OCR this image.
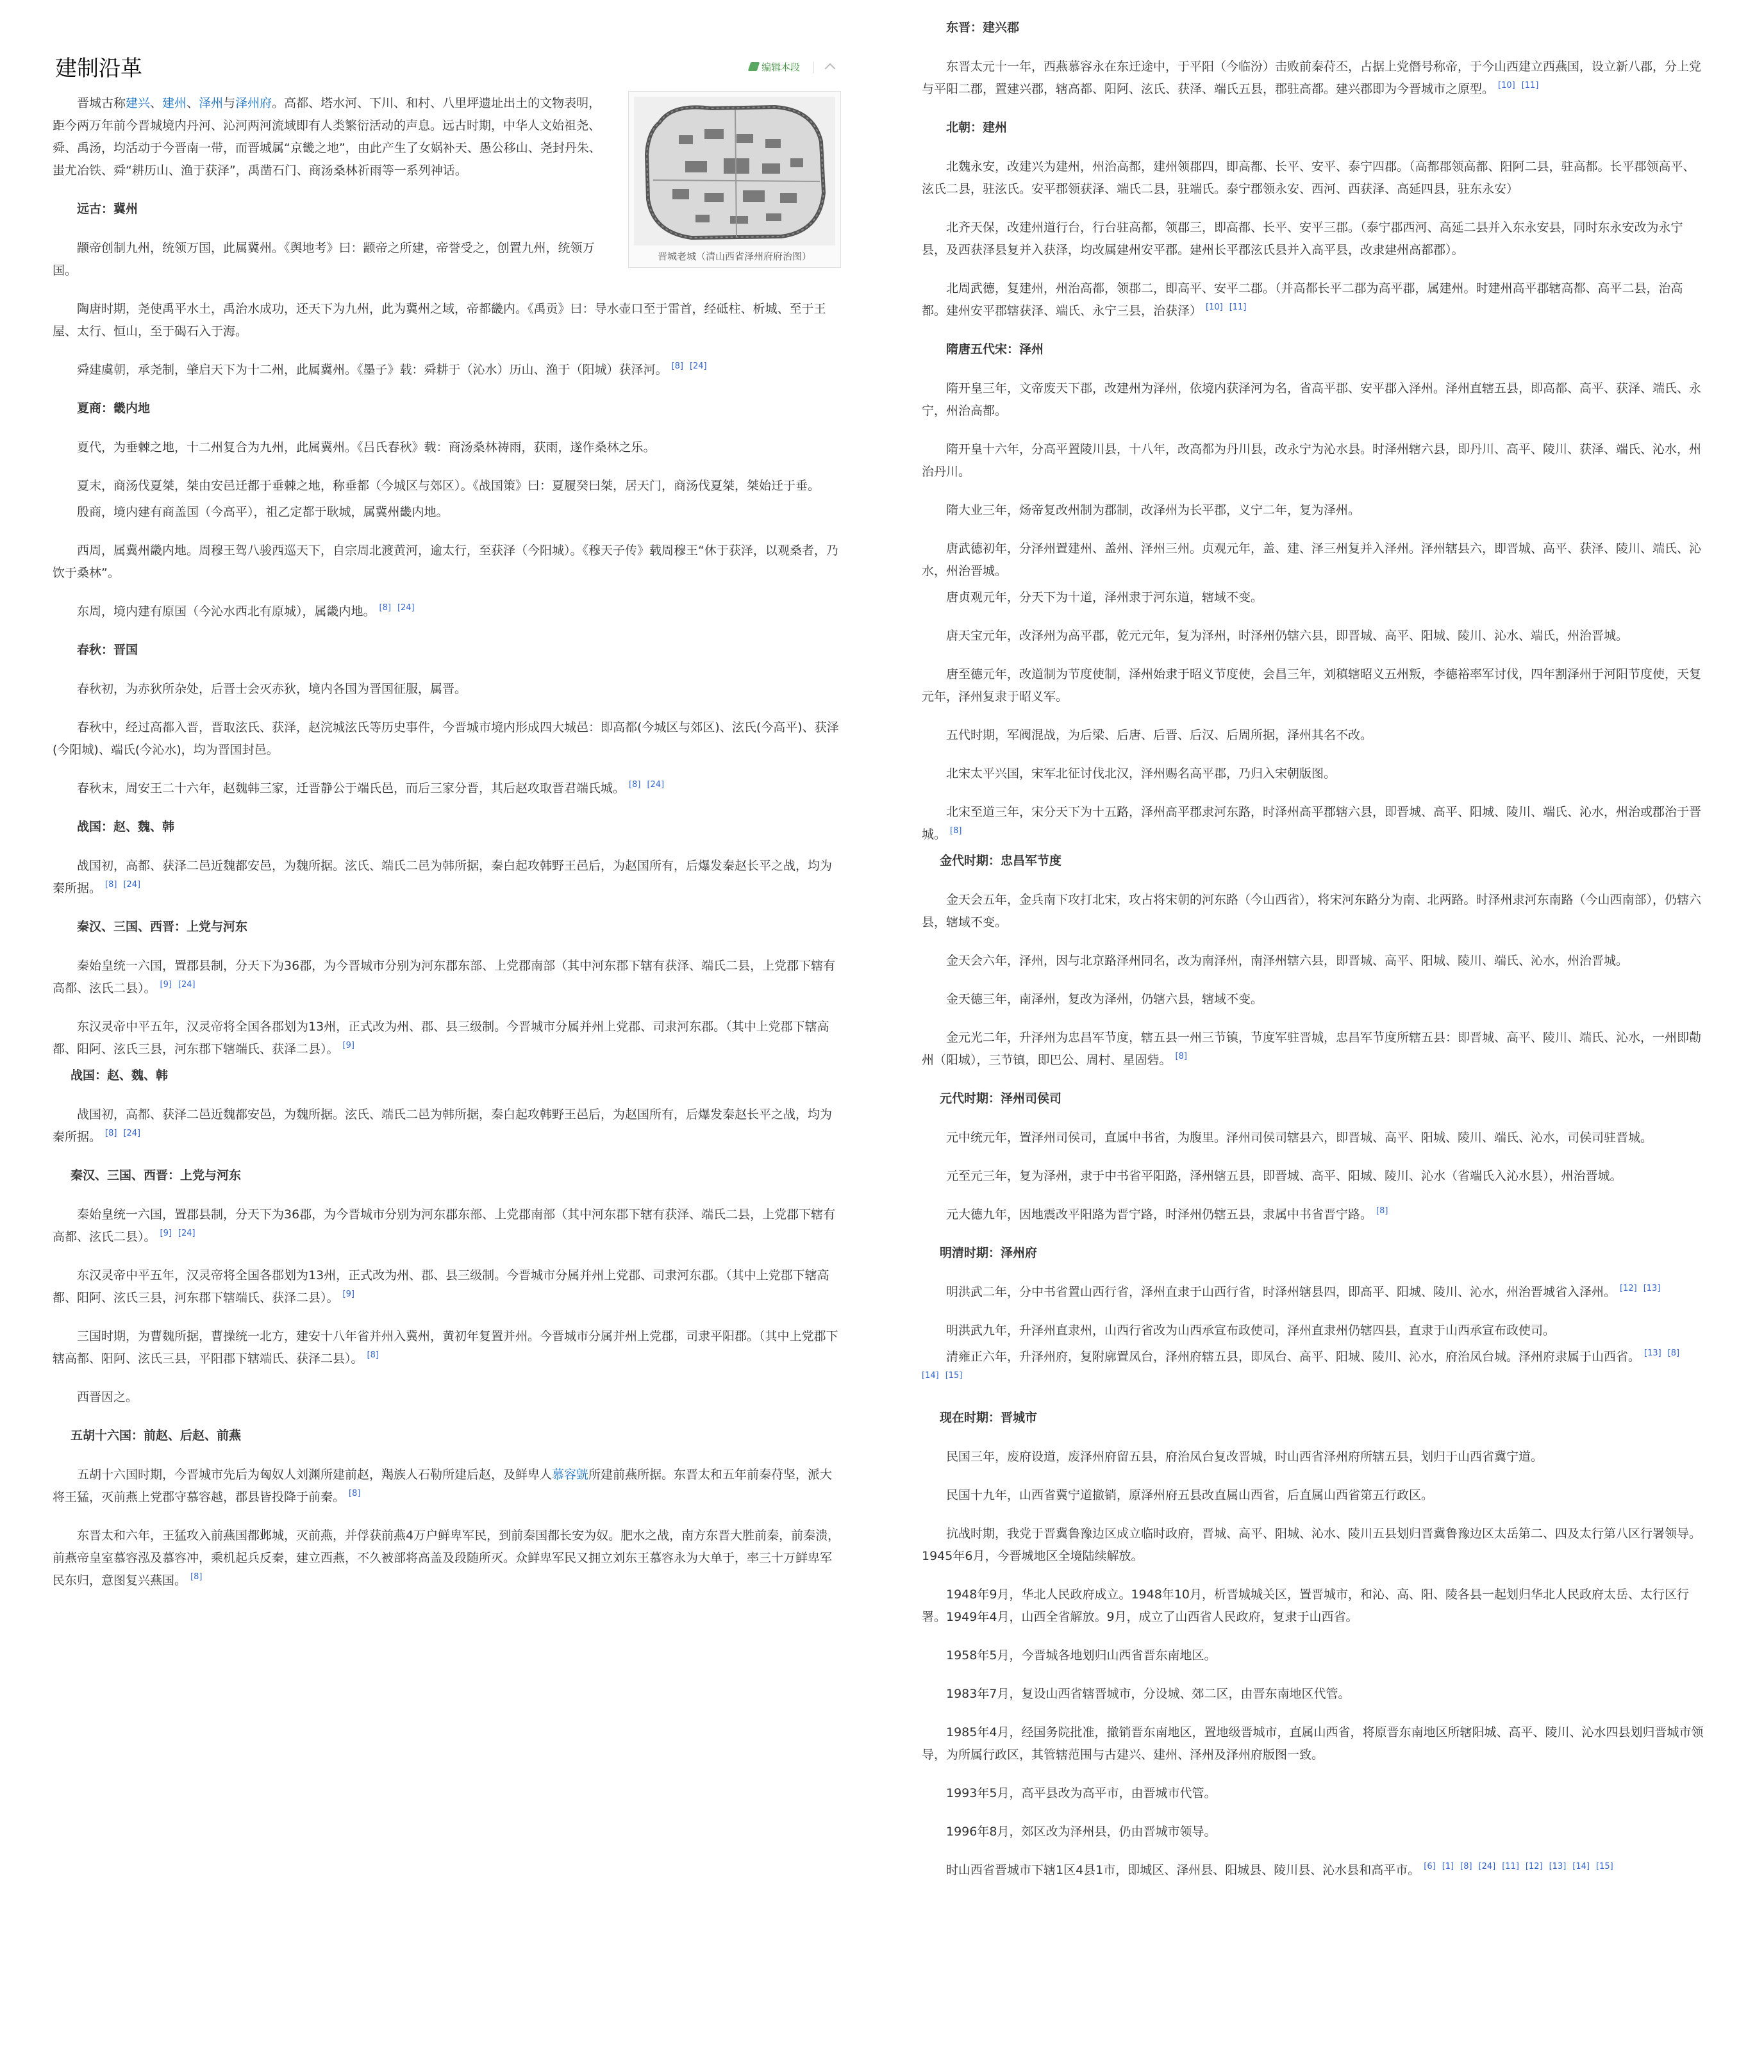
建制沿革	编辑本段
晋城老城（清山西省泽州府府治图）

晋城古称建兴、建州、泽州与泽州府。高都、塔水河、下川、和村、八里坪遗址出土的文物表明，距今两万年前今晋城境内丹河、沁河两河流域即有人类繁衍活动的声息。远古时期，中华人文始祖尧、舜、禹汤，均活动于今晋南一带，而晋城属“京畿之地”，由此产生了女娲补天、愚公移山、尧封丹朱、蚩尤冶铁、舜“耕历山、渔于获泽”，禹凿石门、商汤桑林祈雨等一系列神话。

远古：冀州

颛帝创制九州，统领万国，此属冀州。《舆地考》曰：颛帝之所建，帝誉受之，创置九州，统领万国。

陶唐时期，尧使禹平水土，禹治水成功，还天下为九州，此为冀州之域，帝都畿内。《禹贡》曰：导水壶口至于雷首，经砥柱、析城、至于王屋、太行、恒山，至于碣石入于海。

舜建虞朝，承尧制，肇启天下为十二州，此属冀州。《墨子》载：舜耕于（沁水）历山、渔于（阳城）获泽河。 [8] [24]

夏商：畿内地

夏代，为垂棘之地，十二州复合为九州，此属冀州。《吕氏春秋》载：商汤桑林祷雨，获雨，遂作桑林之乐。

夏末，商汤伐夏桀，桀由安邑迁都于垂棘之地，称垂都（今城区与郊区）。《战国策》曰：夏履癸曰桀，居天门，商汤伐夏桀，桀始迁于垂。

殷商，境内建有商盖国（今高平），祖乙定都于耿城，属冀州畿内地。

西周，属冀州畿内地。周穆王驾八骏西巡天下，自宗周北渡黄河，逾太行，至获泽（今阳城）。《穆天子传》载周穆王“休于获泽，以观桑者，乃饮于桑林”。

东周，境内建有原国（今沁水西北有原城），属畿内地。 [8] [24]

春秋：晋国

春秋初，为赤狄所杂处，后晋士会灭赤狄，境内各国为晋国征服，属晋。

春秋中，经过高都入晋，晋取泫氏、获泽，赵浣城泫氏等历史事件，今晋城市境内形成四大城邑：即高都(今城区与郊区)、泫氏(今高平)、获泽(今阳城)、端氏(今沁水)，均为晋国封邑。

春秋末，周安王二十六年，赵魏韩三家，迁晋静公于端氏邑，而后三家分晋，其后赵攻取晋君端氏城。 [8] [24]

战国：赵、魏、韩

战国初，高都、获泽二邑近魏都安邑，为魏所据。泫氏、端氏二邑为韩所据，秦白起攻韩野王邑后，为赵国所有，后爆发秦赵长平之战，均为秦所据。 [8] [24]

秦汉、三国、西晋：上党与河东

秦始皇统一六国，置郡县制，分天下为36郡，为今晋城市分别为河东郡东部、上党郡南部（其中河东郡下辖有获泽、端氏二县，上党郡下辖有高都、泫氏二县）。 [9] [24]

东汉灵帝中平五年，汉灵帝将全国各郡划为13州，正式改为州、郡、县三级制。今晋城市分属并州上党郡、司隶河东郡。（其中上党郡下辖高都、阳阿、泫氏三县，河东郡下辖端氏、获泽二县）。 [9]

战国：赵、魏、韩

战国初，高都、获泽二邑近魏都安邑，为魏所据。泫氏、端氏二邑为韩所据，秦白起攻韩野王邑后，为赵国所有，后爆发秦赵长平之战，均为秦所据。 [8] [24]

秦汉、三国、西晋：上党与河东

秦始皇统一六国，置郡县制，分天下为36郡，为今晋城市分别为河东郡东部、上党郡南部（其中河东郡下辖有获泽、端氏二县，上党郡下辖有高都、泫氏二县）。 [9] [24]

东汉灵帝中平五年，汉灵帝将全国各郡划为13州，正式改为州、郡、县三级制。今晋城市分属并州上党郡、司隶河东郡。（其中上党郡下辖高都、阳阿、泫氏三县，河东郡下辖端氏、获泽二县）。 [9]

三国时期，为曹魏所据，曹操统一北方，建安十八年省并州入冀州，黄初年复置并州。今晋城市分属并州上党郡，司隶平阳郡。（其中上党郡下辖高都、阳阿、泫氏三县，平阳郡下辖端氏、获泽二县）。 [8]

西晋因之。

五胡十六国：前赵、后赵、前燕

五胡十六国时期，今晋城市先后为匈奴人刘渊所建前赵，羯族人石勒所建后赵，及鲜卑人慕容皝所建前燕所据。东晋太和五年前秦苻坚，派大将王猛，灭前燕上党郡守慕容越，郡县皆投降于前秦。 [8]

东晋太和六年，王猛攻入前燕国都邺城，灭前燕，并俘获前燕4万户鲜卑军民，到前秦国都长安为奴。肥水之战，南方东晋大胜前秦，前秦溃，前燕帝皇室慕容泓及慕容冲，乘机起兵反秦，建立西燕，不久被部将高盖及段随所灭。众鲜卑军民又拥立刘东王慕容永为大单于，率三十万鲜卑军民东归，意图复兴燕国。 [8]

东晋：建兴郡

东晋太元十一年，西燕慕容永在东迁途中，于平阳（今临汾）击败前秦苻丕，占据上党僭号称帝，于今山西建立西燕国，设立新八郡，分上党与平阳二郡，置建兴郡，辖高都、阳阿、泫氏、获泽、端氏五县，郡驻高都。建兴郡即为今晋城市之原型。 [10] [11]

北朝：建州

北魏永安，改建兴为建州，州治高都，建州领郡四，即高都、长平、安平、泰宁四郡。（高都郡领高都、阳阿二县，驻高都。长平郡领高平、泫氏二县，驻泫氏。安平郡领获泽、端氏二县，驻端氏。泰宁郡领永安、西河、西获泽、高延四县，驻东永安）

北齐天保，改建州道行台，行台驻高都，领郡三，即高都、长平、安平三郡。（泰宁郡西河、高延二县并入东永安县，同时东永安改为永宁县，及西获泽县复并入获泽，均改属建州安平郡。建州长平郡泫氏县并入高平县，改隶建州高都郡）。

北周武德，复建州，州治高都，领郡二，即高平、安平二郡。（并高都长平二郡为高平郡，属建州。时建州高平郡辖高都、高平二县，治高都。建州安平郡辖获泽、端氏、永宁三县，治获泽） [10] [11]

隋唐五代宋：泽州

隋开皇三年，文帝废天下郡，改建州为泽州，依境内获泽河为名，省高平郡、安平郡入泽州。泽州直辖五县，即高都、高平、获泽、端氏、永宁，州治高都。

隋开皇十六年，分高平置陵川县，十八年，改高都为丹川县，改永宁为沁水县。时泽州辖六县，即丹川、高平、陵川、获泽、端氏、沁水，州治丹川。

隋大业三年，炀帝复改州制为郡制，改泽州为长平郡，义宁二年，复为泽州。

唐武德初年，分泽州置建州、盖州、泽州三州。贞观元年，盖、建、泽三州复并入泽州。泽州辖县六，即晋城、高平、获泽、陵川、端氏、沁水，州治晋城。

唐贞观元年，分天下为十道，泽州隶于河东道，辖域不变。

唐天宝元年，改泽州为高平郡，乾元元年，复为泽州，时泽州仍辖六县，即晋城、高平、阳城、陵川、沁水、端氏，州治晋城。

唐至德元年，改道制为节度使制，泽州始隶于昭义节度使，会昌三年，刘稹辖昭义五州叛，李德裕率军讨伐，四年割泽州于河阳节度使，天复元年，泽州复隶于昭义军。

五代时期，军阀混战，为后梁、后唐、后晋、后汉、后周所据，泽州其名不改。

北宋太平兴国，宋军北征讨伐北汉，泽州赐名高平郡，乃归入宋朝版图。

北宋至道三年，宋分天下为十五路，泽州高平郡隶河东路，时泽州高平郡辖六县，即晋城、高平、阳城、陵川、端氏、沁水，州治或郡治于晋城。 [8]

金代时期：忠昌军节度

金天会五年，金兵南下攻打北宋，攻占将宋朝的河东路（今山西省），将宋河东路分为南、北两路。时泽州隶河东南路（今山西南部），仍辖六县，辖域不变。

金天会六年，泽州，因与北京路泽州同名，改为南泽州，南泽州辖六县，即晋城、高平、阳城、陵川、端氏、沁水，州治晋城。

金天德三年，南泽州，复改为泽州，仍辖六县，辖域不变。

金元光二年，升泽州为忠昌军节度，辖五县一州三节镇，节度军驻晋城，忠昌军节度所辖五县：即晋城、高平、陵川、端氏、沁水，一州即勣州（阳城），三节镇，即巴公、周村、星固砦。 [8]

元代时期：泽州司侯司

元中统元年，置泽州司侯司，直属中书省，为腹里。泽州司侯司辖县六，即晋城、高平、阳城、陵川、端氏、沁水，司侯司驻晋城。

元至元三年，复为泽州，隶于中书省平阳路，泽州辖五县，即晋城、高平、阳城、陵川、沁水（省端氏入沁水县），州治晋城。

元大德九年，因地震改平阳路为晋宁路，时泽州仍辖五县，隶属中书省晋宁路。 [8]

明清时期：泽州府

明洪武二年，分中书省置山西行省，泽州直隶于山西行省，时泽州辖县四，即高平、阳城、陵川、沁水，州治晋城省入泽州。 [12] [13]

明洪武九年，升泽州直隶州，山西行省改为山西承宣布政使司，泽州直隶州仍辖四县，直隶于山西承宣布政使司。

清雍正六年，升泽州府，复附廓置凤台，泽州府辖五县，即凤台、高平、阳城、陵川、沁水，府治凤台城。泽州府隶属于山西省。 [13] [8][14] [15]

现在时期：晋城市

民国三年，废府设道，废泽州府留五县，府治凤台复改晋城，时山西省泽州府所辖五县，划归于山西省冀宁道。

民国十九年，山西省冀宁道撤销，原泽州府五县改直属山西省，后直属山西省第五行政区。

抗战时期，我党于晋冀鲁豫边区成立临时政府，晋城、高平、阳城、沁水、陵川五县划归晋冀鲁豫边区太岳第二、四及太行第八区行署领导。1945年6月，今晋城地区全境陆续解放。

1948年9月，华北人民政府成立。1948年10月，析晋城城关区，置晋城市，和沁、高、阳、陵各县一起划归华北人民政府太岳、太行区行署。1949年4月，山西全省解放。9月，成立了山西省人民政府，复隶于山西省。

1958年5月，今晋城各地划归山西省晋东南地区。

1983年7月，复设山西省辖晋城市，分设城、郊二区，由晋东南地区代管。

1985年4月，经国务院批准，撤销晋东南地区，置地级晋城市，直属山西省，将原晋东南地区所辖阳城、高平、陵川、沁水四县划归晋城市领导，为所属行政区，其管辖范围与古建兴、建州、泽州及泽州府版图一致。

1993年5月，高平县改为高平市，由晋城市代管。

1996年8月，郊区改为泽州县，仍由晋城市领导。

时山西省晋城市下辖1区4县1市，即城区、泽州县、阳城县、陵川县、沁水县和高平市。 [6] [1] [8] [24] [11] [12] [13] [14] [15]
